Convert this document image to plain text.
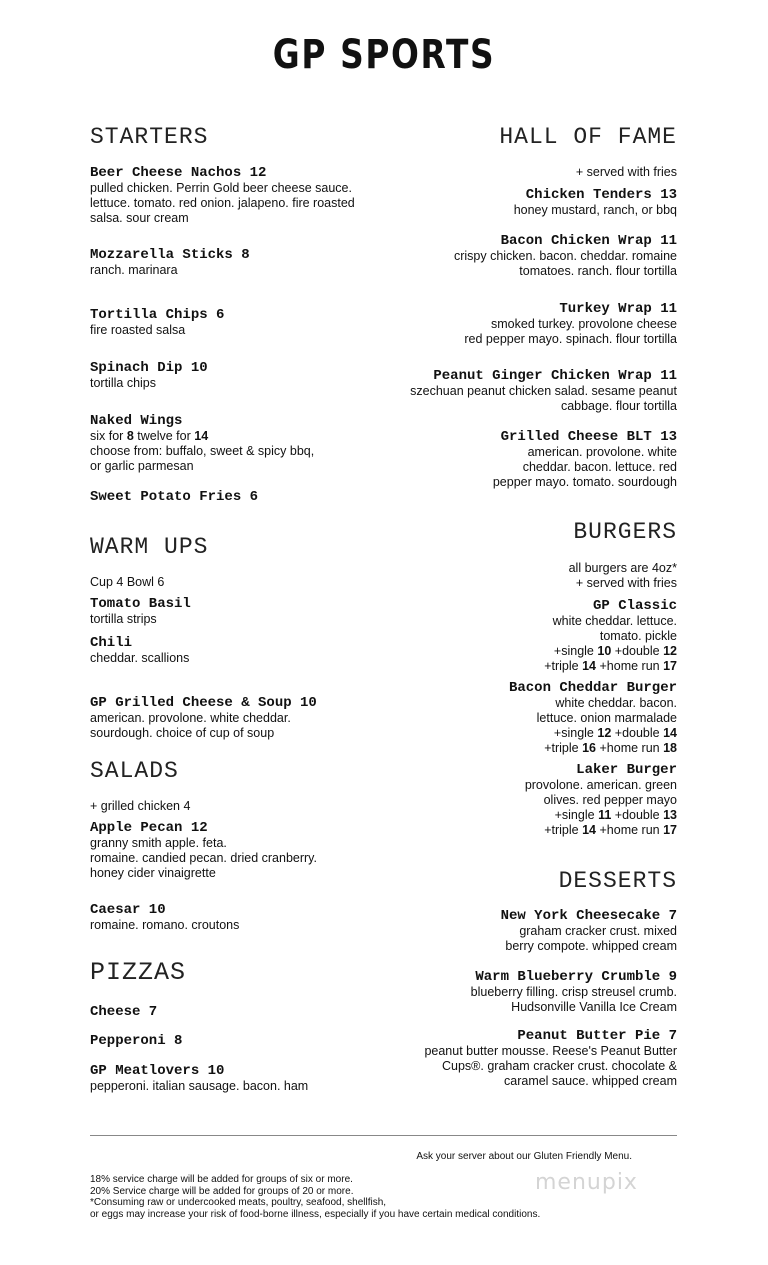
GP SPORTS
STARTERS
Beer Cheese Nachos 12
pulled chicken. Perrin Gold beer cheese sauce.
lettuce. tomato. red onion. jalapeno. fire roasted
salsa. sour cream
Mozzarella Sticks 8
ranch. marinara
Tortilla Chips 6
fire roasted salsa
Spinach Dip 10
tortilla chips
Naked Wings
six for 8 twelve for 14
choose from: buffalo, sweet & spicy bbq,
or garlic parmesan
Sweet Potato Fries 6
WARM UPS
Cup 4 Bowl 6
Tomato Basil
tortilla strips
Chili
cheddar. scallions
GP Grilled Cheese & Soup 10
american. provolone. white cheddar.
sourdough. choice of cup of soup
SALADS
+ grilled chicken 4
Apple Pecan 12
granny smith apple. feta.
romaine. candied pecan. dried cranberry.
honey cider vinaigrette
Caesar 10
romaine. romano. croutons
PIZZAS
Cheese 7
Pepperoni 8
GP Meatlovers 10
pepperoni. italian sausage. bacon. ham
HALL OF FAME
+ served with fries
Chicken Tenders 13
honey mustard, ranch, or bbq
Bacon Chicken Wrap 11
crispy chicken. bacon. cheddar. romaine
tomatoes. ranch. flour tortilla
Turkey Wrap 11
smoked turkey. provolone cheese
red pepper mayo. spinach. flour tortilla
Peanut Ginger Chicken Wrap 11
szechuan peanut chicken salad. sesame peanut
cabbage. flour tortilla
Grilled Cheese BLT 13
american. provolone. white
cheddar. bacon. lettuce. red
pepper mayo. tomato. sourdough
BURGERS
all burgers are 4oz*
+ served with fries
GP Classic
white cheddar. lettuce.
tomato. pickle
+single 10 +double 12
+triple 14 +home run 17
Bacon Cheddar Burger
white cheddar. bacon.
lettuce. onion marmalade
+single 12 +double 14
+triple 16 +home run 18
Laker Burger
provolone. american. green
olives. red pepper mayo
+single 11 +double 13
+triple 14 +home run 17
DESSERTS
New York Cheesecake 7
graham cracker crust. mixed
berry compote. whipped cream
Warm Blueberry Crumble 9
blueberry filling. crisp streusel crumb.
Hudsonville Vanilla Ice Cream
Peanut Butter Pie 7
peanut butter mousse. Reese's Peanut Butter
Cups®. graham cracker crust. chocolate &
caramel sauce. whipped cream
Ask your server about our Gluten Friendly Menu.
menupix
18% service charge will be added for groups of six or more.
20% Service charge will be added for groups of 20 or more.
*Consuming raw or undercooked meats, poultry, seafood, shellfish,
or eggs may increase your risk of food-borne illness, especially if you have certain medical conditions.
